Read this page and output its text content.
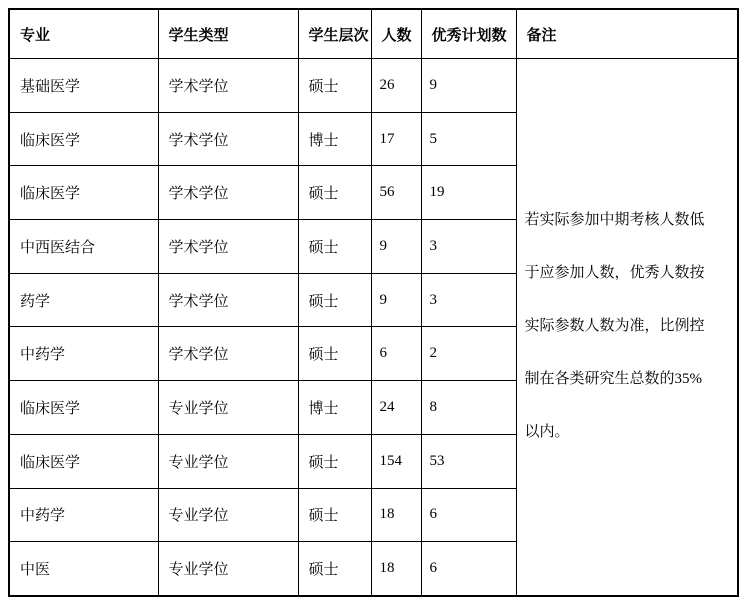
专业	学生类型	学生层次	人数	优秀计划数	备注
基础医学	学术学位	硕士	26	9	若实际参加中期考核人数低
于应参加人数，优秀人数按
实际参数人数为准，比例控
制在各类研究生总数的35%
以内。

临床医学	学术学位	博士	17	5	
临床医学	学术学位	硕士	56	19	
中西医结合	学术学位	硕士	9	3	
药学	学术学位	硕士	9	3	
中药学	学术学位	硕士	6	2	
临床医学	专业学位	博士	24	8	
临床医学	专业学位	硕士	154	53	
中药学	专业学位	硕士	18	6	
中医	专业学位	硕士	18	6	
